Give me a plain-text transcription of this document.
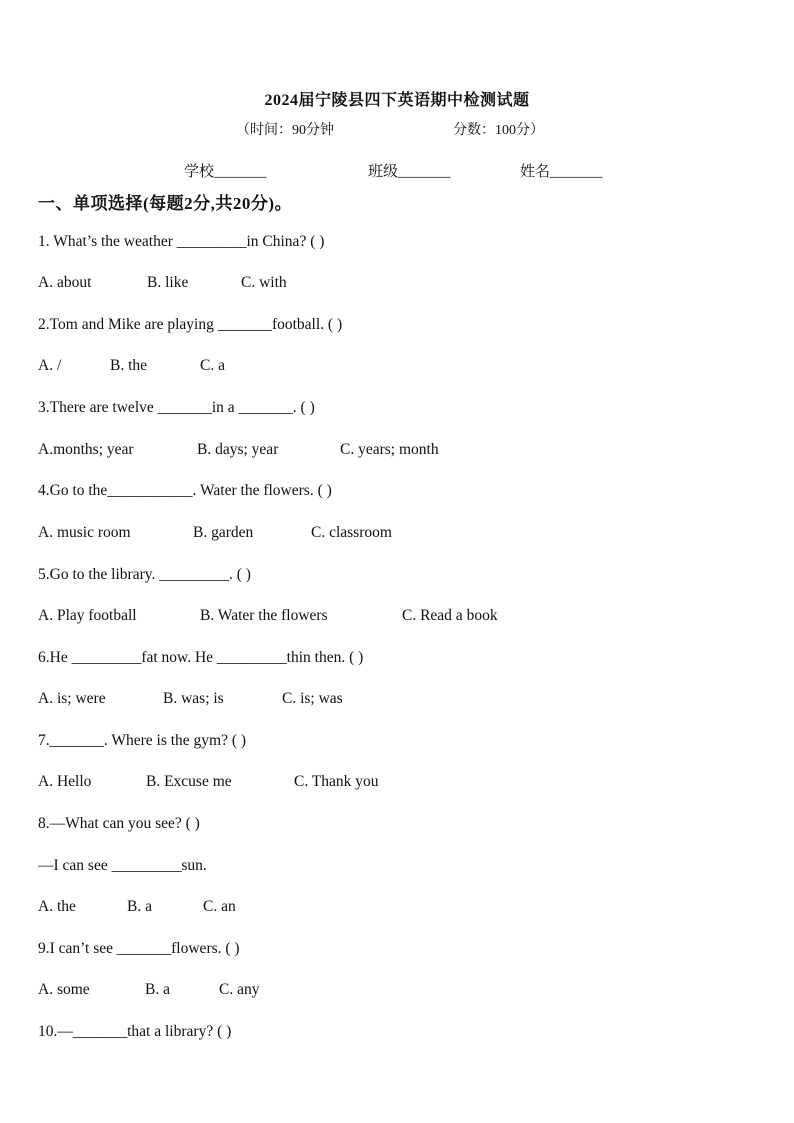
2024届宁陵县四下英语期中检测试题
（时间：90分钟	分数：100分）
学校_______	班级_______	姓名_______
一、单项选择(每题2分,共20分)。
1. What’s the weather _________in China? ( )
A. about	B. like	C. with
2.Tom and Mike are playing _______football. ( )
A. /	B. the	C. a
3.There are twelve _______in a _______. ( )
A.months; year	B. days; year	C. years; month
4.Go to the___________. Water the flowers. ( )
A. music room	B. garden	C. classroom
5.Go to the library. _________. ( )
A. Play football	B. Water the flowers	C. Read a book
6.He _________fat now. He _________thin then. ( )
A. is; were	B. was; is	C. is; was
7._______. Where is the gym? ( )
A. Hello	B. Excuse me	C. Thank you
8.—What can you see? ( )
—I can see _________sun.
A. the	B. a	C. an
9.I can’t see _______flowers. ( )
A. some	B. a	C. any
10.—_______that a library? ( )
